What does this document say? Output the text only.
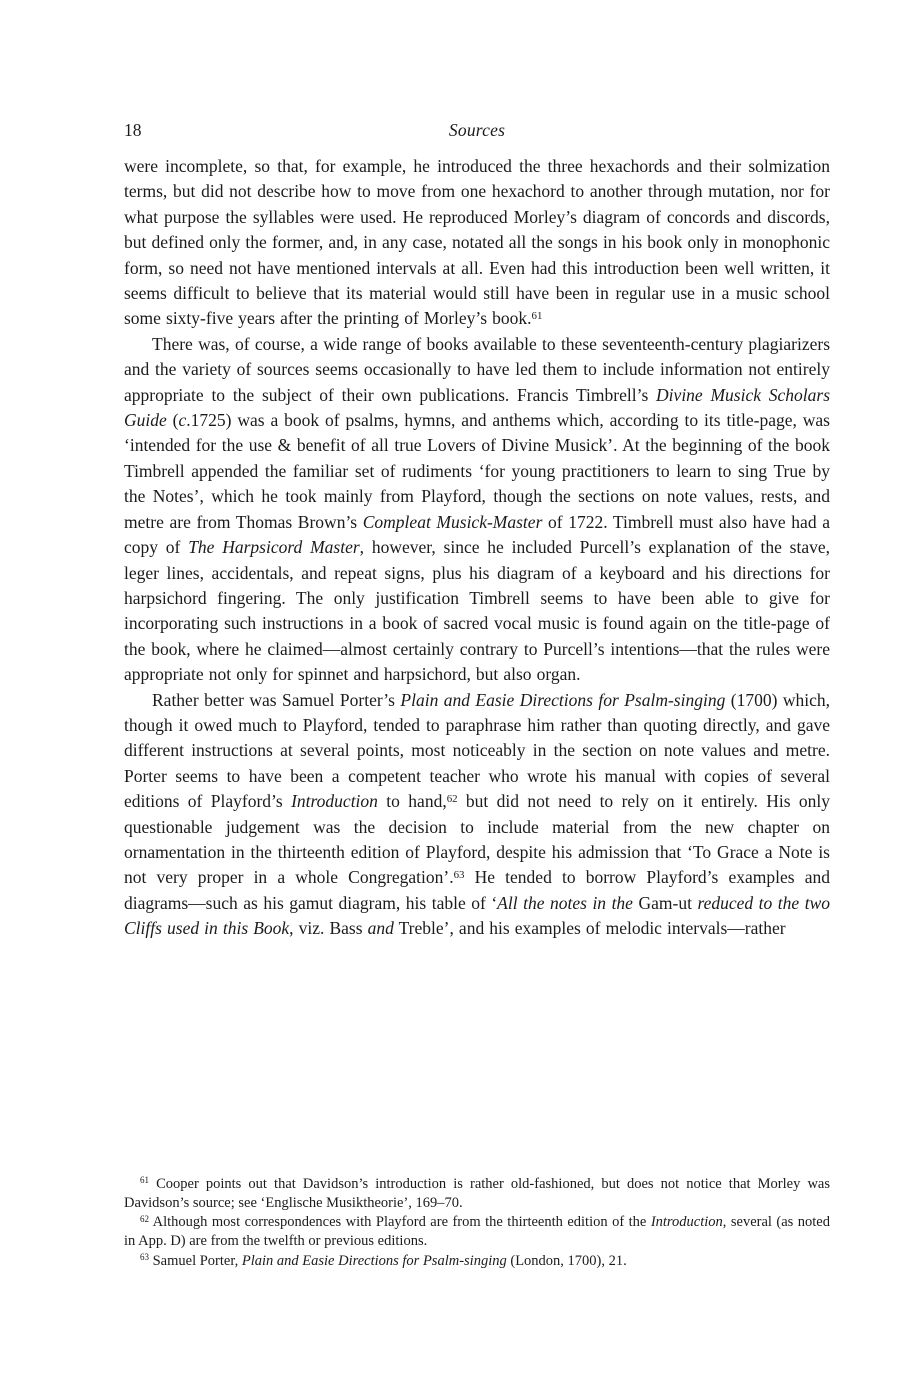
18	Sources

were incomplete, so that, for example, he introduced the three hexachords and their solmization terms, but did not describe how to move from one hexachord to another through mutation, nor for what purpose the syllables were used. He reproduced Morley’s diagram of concords and discords, but defined only the former, and, in any case, notated all the songs in his book only in monophonic form, so need not have mentioned intervals at all. Even had this introduction been well written, it seems difficult to believe that its material would still have been in regular use in a music school some sixty-five years after the printing of Morley’s book.$^{61}$

There was, of course, a wide range of books available to these seventeenth-century plagiarizers and the variety of sources seems occasionally to have led them to include information not entirely appropriate to the subject of their own publications. Francis Timbrell’s Divine Musick Scholars Guide (c.1725) was a book of psalms, hymns, and anthems which, according to its title-page, was ‘intended for the use & benefit of all true Lovers of Divine Musick’. At the beginning of the book Timbrell appended the familiar set of rudiments ‘for young practitioners to learn to sing True by the Notes’, which he took mainly from Playford, though the sections on note values, rests, and metre are from Thomas Brown’s Compleat Musick-Master of 1722. Timbrell must also have had a copy of The Harpsicord Master, however, since he included Purcell’s explanation of the stave, leger lines, accidentals, and repeat signs, plus his diagram of a keyboard and his directions for harpsichord fingering. The only justification Timbrell seems to have been able to give for incorporating such instructions in a book of sacred vocal music is found again on the title-page of the book, where he claimed—almost certainly contrary to Purcell’s intentions—that the rules were appropriate not only for spinnet and harpsichord, but also organ.

Rather better was Samuel Porter’s Plain and Easie Directions for Psalm-singing (1700) which, though it owed much to Playford, tended to paraphrase him rather than quoting directly, and gave different instructions at several points, most noticeably in the section on note values and metre. Porter seems to have been a competent teacher who wrote his manual with copies of several editions of Playford’s Introduction to hand,$^{62}$ but did not need to rely on it entirely. His only questionable judgement was the decision to include material from the new chapter on ornamentation in the thirteenth edition of Playford, despite his admission that ‘To Grace a Note is not very proper in a whole Congregation’.$^{63}$ He tended to borrow Playford’s examples and diagrams—such as his gamut diagram, his table of ‘All the notes in the Gam-ut reduced to the two Cliffs used in this Book, viz. Bass and Treble’, and his examples of melodic intervals—rather

$^{61}$ Cooper points out that Davidson’s introduction is rather old-fashioned, but does not notice that Morley was Davidson’s source; see ‘Englische Musiktheorie’, 169–70.

$^{62}$ Although most correspondences with Playford are from the thirteenth edition of the Introduction, several (as noted in App. D) are from the twelfth or previous editions.

$^{63}$ Samuel Porter, Plain and Easie Directions for Psalm-singing (London, 1700), 21.
